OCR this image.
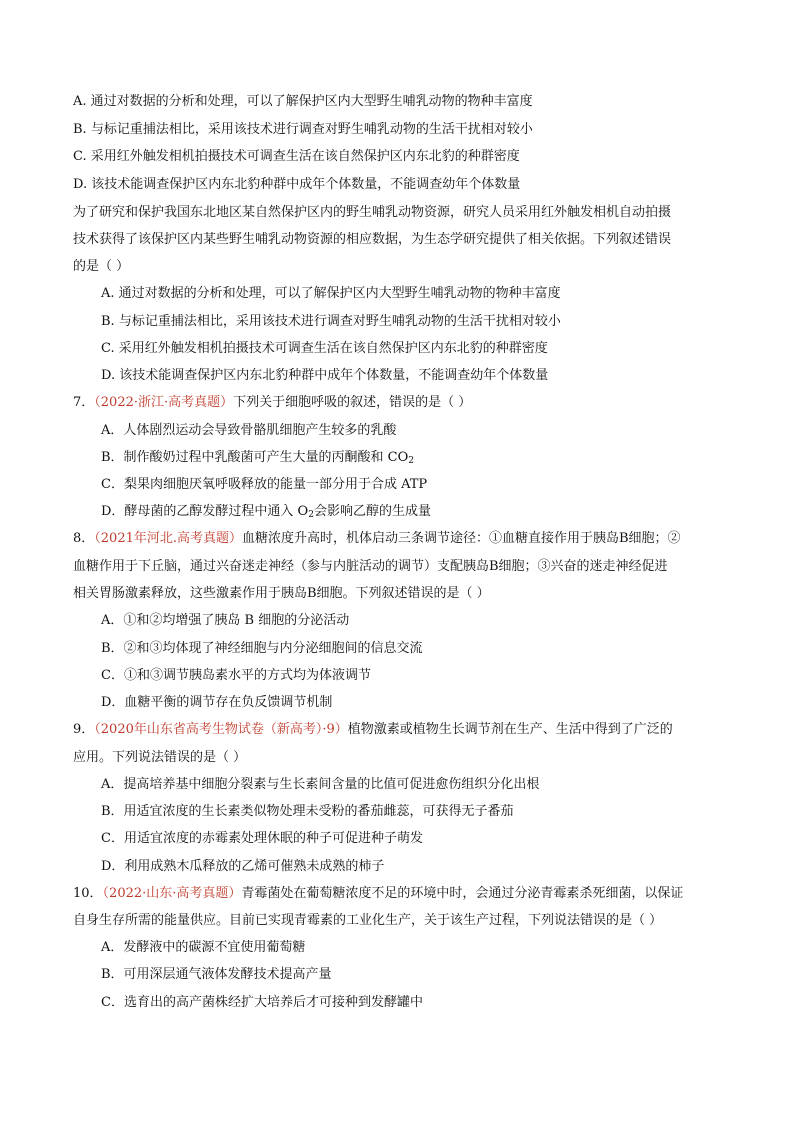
A. 通过对数据的分析和处理，可以了解保护区内大型野生哺乳动物的物种丰富度
B. 与标记重捕法相比，采用该技术进行调查对野生哺乳动物的生活干扰相对较小
C. 采用红外触发相机拍摄技术可调查生活在该自然保护区内东北豹的种群密度
D. 该技术能调查保护区内东北豹种群中成年个体数量，不能调查幼年个体数量
为了研究和保护我国东北地区某自然保护区内的野生哺乳动物资源，研究人员采用红外触发相机自动拍摄
技术获得了该保护区内某些野生哺乳动物资源的相应数据，为生态学研究提供了相关依据。下列叙述错误
的是（ ）
A. 通过对数据的分析和处理，可以了解保护区内大型野生哺乳动物的物种丰富度
B. 与标记重捕法相比，采用该技术进行调查对野生哺乳动物的生活干扰相对较小
C. 采用红外触发相机拍摄技术可调查生活在该自然保护区内东北豹的种群密度
D. 该技术能调查保护区内东北豹种群中成年个体数量，不能调查幼年个体数量
7．（2022·浙江·高考真题）下列关于细胞呼吸的叙述，错误的是（ ）
A．人体剧烈运动会导致骨骼肌细胞产生较多的乳酸
B．制作酸奶过程中乳酸菌可产生大量的丙酮酸和 $CO_2$
C．梨果肉细胞厌氧呼吸释放的能量一部分用于合成 ATP
D．酵母菌的乙醇发酵过程中通入 $O_2$会影响乙醇的生成量
8．（2021年河北.高考真题）血糖浓度升高时，机体启动三条调节途径：①血糖直接作用于胰岛B细胞；②
血糖作用于下丘脑，通过兴奋迷走神经（参与内脏活动的调节）支配胰岛B细胞；③兴奋的迷走神经促进
相关胃肠激素释放，这些激素作用于胰岛B细胞。下列叙述错误的是（ ）
A．①和②均增强了胰岛 B 细胞的分泌活动
B．②和③均体现了神经细胞与内分泌细胞间的信息交流
C．①和③调节胰岛素水平的方式均为体液调节
D．血糖平衡的调节存在负反馈调节机制
9．（2020年山东省高考生物试卷（新高考）·9）植物激素或植物生长调节剂在生产、生活中得到了广泛的
应用。下列说法错误的是（ ）
A．提高培养基中细胞分裂素与生长素间含量的比值可促进愈伤组织分化出根
B．用适宜浓度的生长素类似物处理未受粉的番茄雌蕊，可获得无子番茄
C．用适宜浓度的赤霉素处理休眠的种子可促进种子萌发
D．利用成熟木瓜释放的乙烯可催熟未成熟的柿子
10．（2022·山东·高考真题）青霉菌处在葡萄糖浓度不足的环境中时，会通过分泌青霉素杀死细菌，以保证
自身生存所需的能量供应。目前已实现青霉素的工业化生产，关于该生产过程，下列说法错误的是（ ）
A．发酵液中的碳源不宜使用葡萄糖
B．可用深层通气液体发酵技术提高产量
C．选育出的高产菌株经扩大培养后才可接种到发酵罐中
